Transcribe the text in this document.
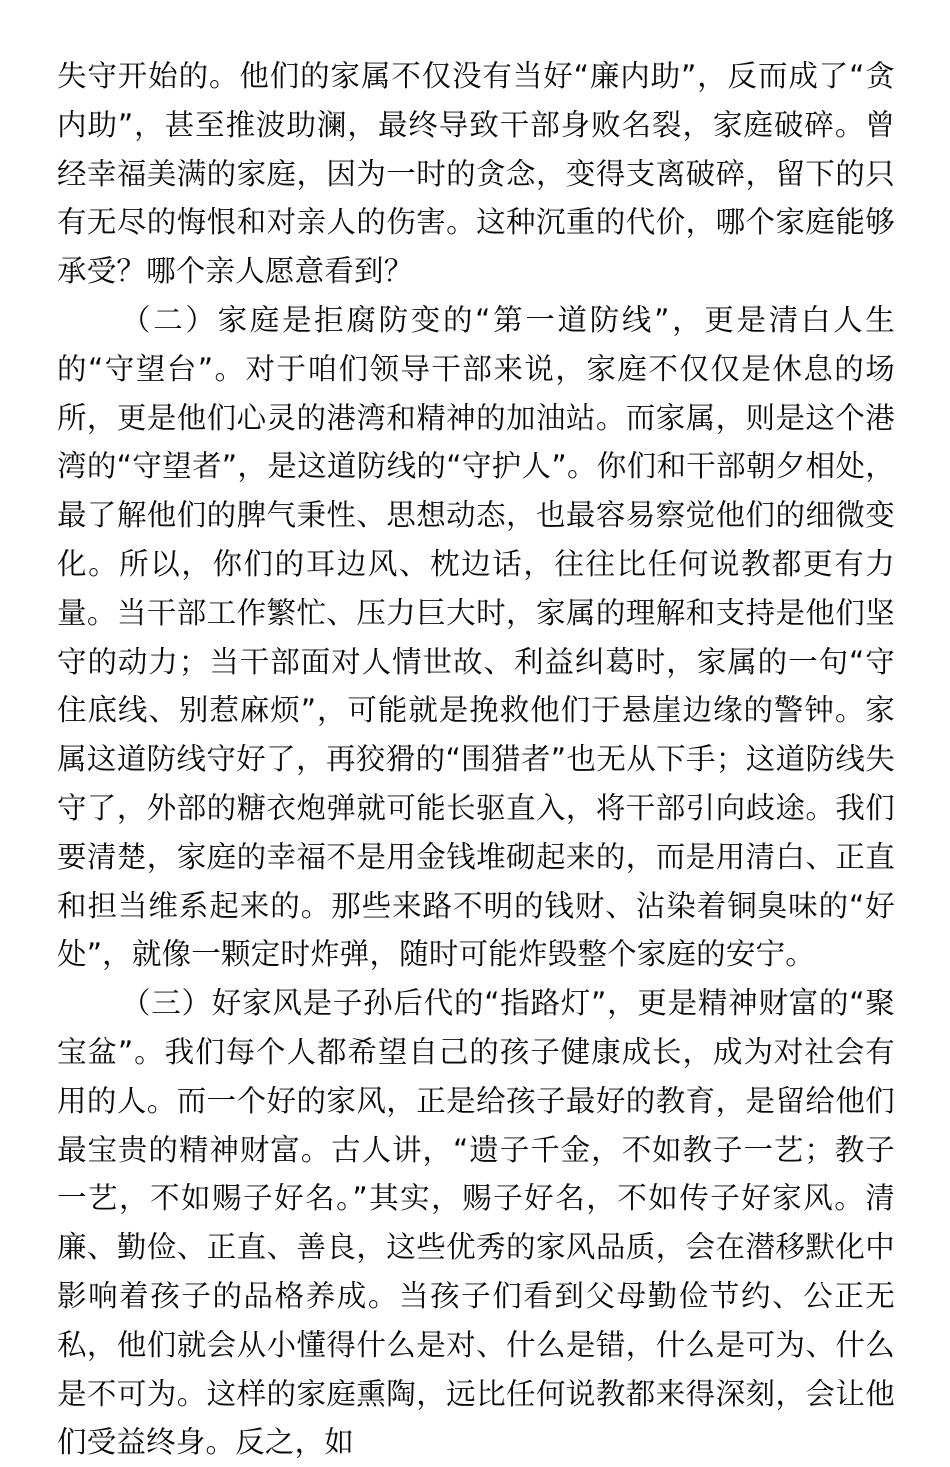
失守开始的。他们的家属不仅没有当好“廉内助”，反而成了“贪内助”，甚至推波助澜，最终导致干部身败名裂，家庭破碎。曾经幸福美满的家庭，因为一时的贪念，变得支离破碎，留下的只有无尽的悔恨和对亲人的伤害。这种沉重的代价，哪个家庭能够承受？哪个亲人愿意看到？

（二）家庭是拒腐防变的“第一道防线”，更是清白人生的“守望台”。对于咱们领导干部来说，家庭不仅仅是休息的场所，更是他们心灵的港湾和精神的加油站。而家属，则是这个港湾的“守望者”，是这道防线的“守护人”。你们和干部朝夕相处，最了解他们的脾气秉性、思想动态，也最容易察觉他们的细微变化。所以，你们的耳边风、枕边话，往往比任何说教都更有力量。当干部工作繁忙、压力巨大时，家属的理解和支持是他们坚守的动力；当干部面对人情世故、利益纠葛时，家属的一句“守住底线、别惹麻烦”，可能就是挽救他们于悬崖边缘的警钟。家属这道防线守好了，再狡猾的“围猎者”也无从下手；这道防线失守了，外部的糖衣炮弹就可能长驱直入，将干部引向歧途。我们要清楚，家庭的幸福不是用金钱堆砌起来的，而是用清白、正直和担当维系起来的。那些来路不明的钱财、沾染着铜臭味的“好处”，就像一颗定时炸弹，随时可能炸毁整个家庭的安宁。

（三）好家风是子孙后代的“指路灯”，更是精神财富的“聚宝盆”。我们每个人都希望自己的孩子健康成长，成为对社会有用的人。而一个好的家风，正是给孩子最好的教育，是留给他们最宝贵的精神财富。古人讲，“遗子千金，不如教子一艺；教子一艺，不如赐子好名。”其实，赐子好名，不如传子好家风。清廉、勤俭、正直、善良，这些优秀的家风品质，会在潜移默化中影响着孩子的品格养成。当孩子们看到父母勤俭节约、公正无私，他们就会从小懂得什么是对、什么是错，什么是可为、什么是不可为。这样的家庭熏陶，远比任何说教都来得深刻，会让他们受益终身。反之，如
